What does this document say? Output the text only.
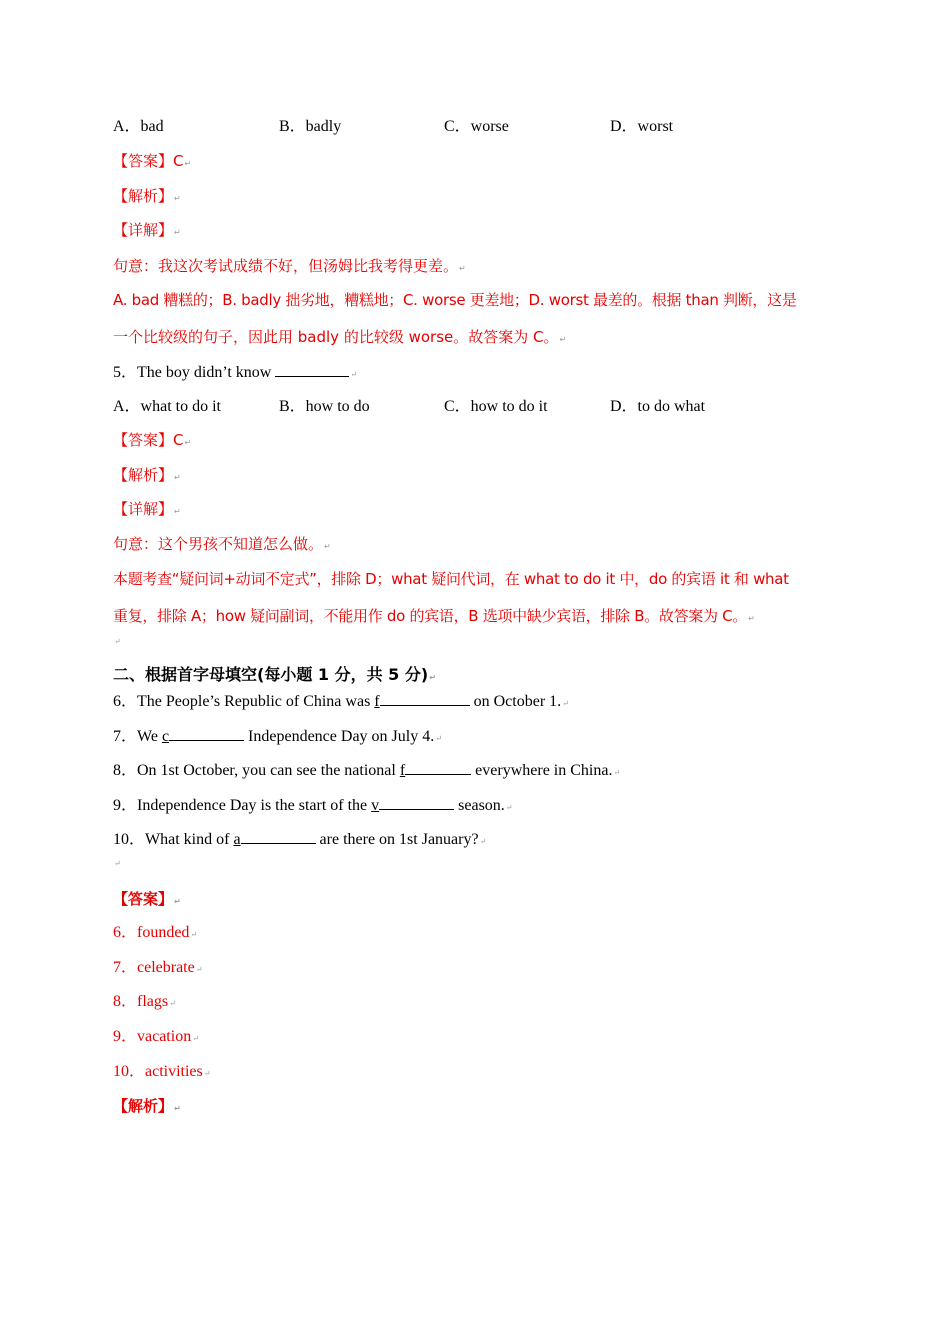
A．bad	B．badly	C．worse	D．worst
【答案】C↵
【解析】↵
【详解】↵
句意：我这次考试成绩不好，但汤姆比我考得更差。↵
A. bad 糟糕的；B. badly 拙劣地，糟糕地；C. worse 更差地；D. worst 最差的。根据 than 判断，这是
一个比较级的句子，因此用 badly 的比较级 worse。故答案为 C。↵
5．The boy didn’t know	↵
A．what to do it	B．how to do	C．how to do it	D．to do what
【答案】C↵
【解析】↵
【详解】↵
句意：这个男孩不知道怎么做。↵
本题考查“疑问词+动词不定式”，排除 D；what 疑问代词，在 what to do it 中，do 的宾语 it 和 what
重复，排除 A；how 疑问副词，不能用作 do 的宾语，B 选项中缺少宾语，排除 B。故答案为 C。↵
↵
二、根据首字母填空(每小题 1 分，共 5 分)↵
6．The People’s Republic of China was f	on October 1.↵
7．We c	Independence Day on July 4.↵
8．On 1st October, you can see the national f	everywhere in China.↵
9．Independence Day is the start of the v	season.↵
10．What kind of a	are there on 1st January?↵
↵
【答案】↵
6．founded↵
7．celebrate↵
8．flags↵
9．vacation↵
10．activities↵
【解析】↵
